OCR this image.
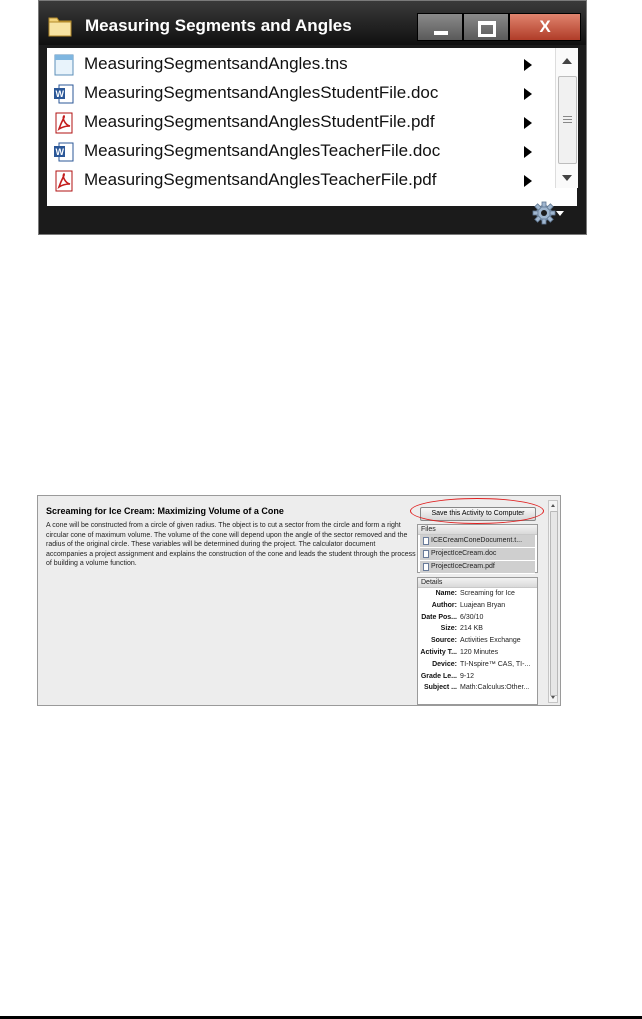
Measuring Segments and Angles	X
MeasuringSegmentsandAngles.tns
W MeasuringSegmentsandAnglesStudentFile.doc
MeasuringSegmentsandAnglesStudentFile.pdf
W MeasuringSegmentsandAnglesTeacherFile.doc
MeasuringSegmentsandAnglesTeacherFile.pdf
Screaming for Ice Cream: Maximizing Volume of a Cone
A cone will be constructed from a circle of given radius. The object is to cut a sector from the circle and form a right circular cone of maximum volume. The volume of the cone will depend upon the angle of the sector removed and the radius of the original circle. These variables will be determined during the project. The calculator document accompanies a project assignment and explains the construction of the cone and leads the student through the process of building a volume function.
Save this Activity to Computer
Files
ICECreamConeDocument.t...
ProjectIceCream.doc
ProjectIceCream.pdf
Details
Name: Screaming for Ice
Author: Luajean Bryan
Date Pos... 6/30/10
Size: 214 KB
Source: Activities Exchange
Activity T... 120 Minutes
Device: TI-Nspire™ CAS, TI-...
Grade Le... 9-12
Subject ... Math:Calculus:Other...
